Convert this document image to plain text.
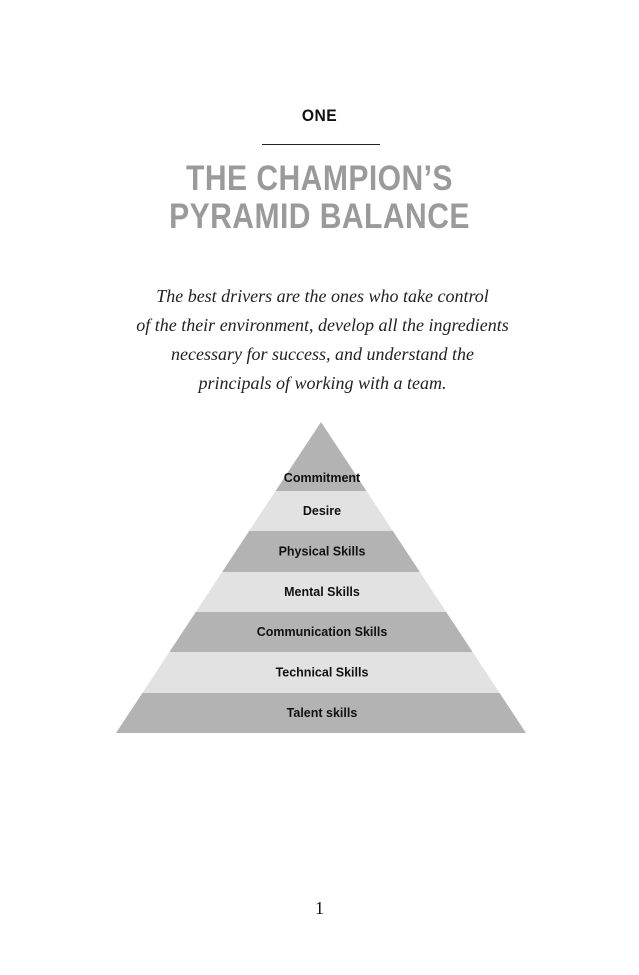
ONE
THE CHAMPION’S
PYRAMID BALANCE
The best drivers are the ones who take control
of the their environment, develop all the ingredients
necessary for success, and understand the
principals of working with a team.
Commitment
Desire
Physical Skills
Mental Skills
Communication Skills
Technical Skills
Talent skills
1
